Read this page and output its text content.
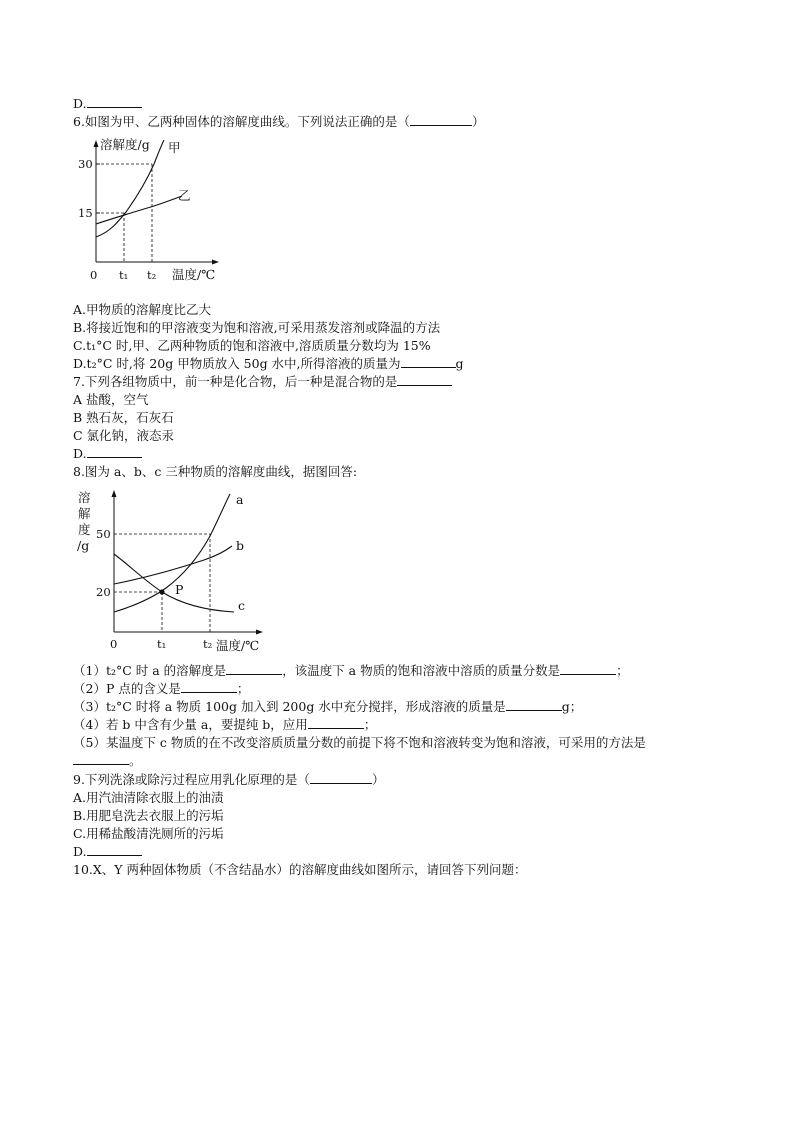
D.
6.如图为甲、乙两种固体的溶解度曲线。下列说法正确的是（	）
溶解度/g 甲
乙
30
15
0 t₁ t₂ 温度/℃
A.甲物质的溶解度比乙大
B.将接近饱和的甲溶液变为饱和溶液,可采用蒸发溶剂或降温的方法
C.t₁°C 时,甲、乙两种物质的饱和溶液中,溶质质量分数均为 15%
D.t₂°C 时,将 20g 甲物质放入 50g 水中,所得溶液的质量为	g
7.下列各组物质中，前一种是化合物，后一种是混合物的是
A 盐酸，空气
B 熟石灰，石灰石
C 氯化钠，液态汞
D.
8.图为 a、b、c 三种物质的溶解度曲线，据图回答:
溶
解
度
/g
50
20
0	t₁	t₂ 温度/℃
a
b
c
P
（1）t₂°C 时 a 的溶解度是	，该温度下 a 物质的饱和溶液中溶质的质量分数是	；
（2）P 点的含义是	；
（3）t₂°C 时将 a 物质 100g 加入到 200g 水中充分搅拌，形成溶液的质量是	g；
（4）若 b 中含有少量 a，要提纯 b，应用	；
（5）某温度下 c 物质的在不改变溶质质量分数的前提下将不饱和溶液转变为饱和溶液，可采用的方法是
。
9.下列洗涤或除污过程应用乳化原理的是（	）
A.用汽油清除衣服上的油渍
B.用肥皂洗去衣服上的污垢
C.用稀盐酸清洗厕所的污垢
D.
10.X、Y 两种固体物质（不含结晶水）的溶解度曲线如图所示，请回答下列问题：
